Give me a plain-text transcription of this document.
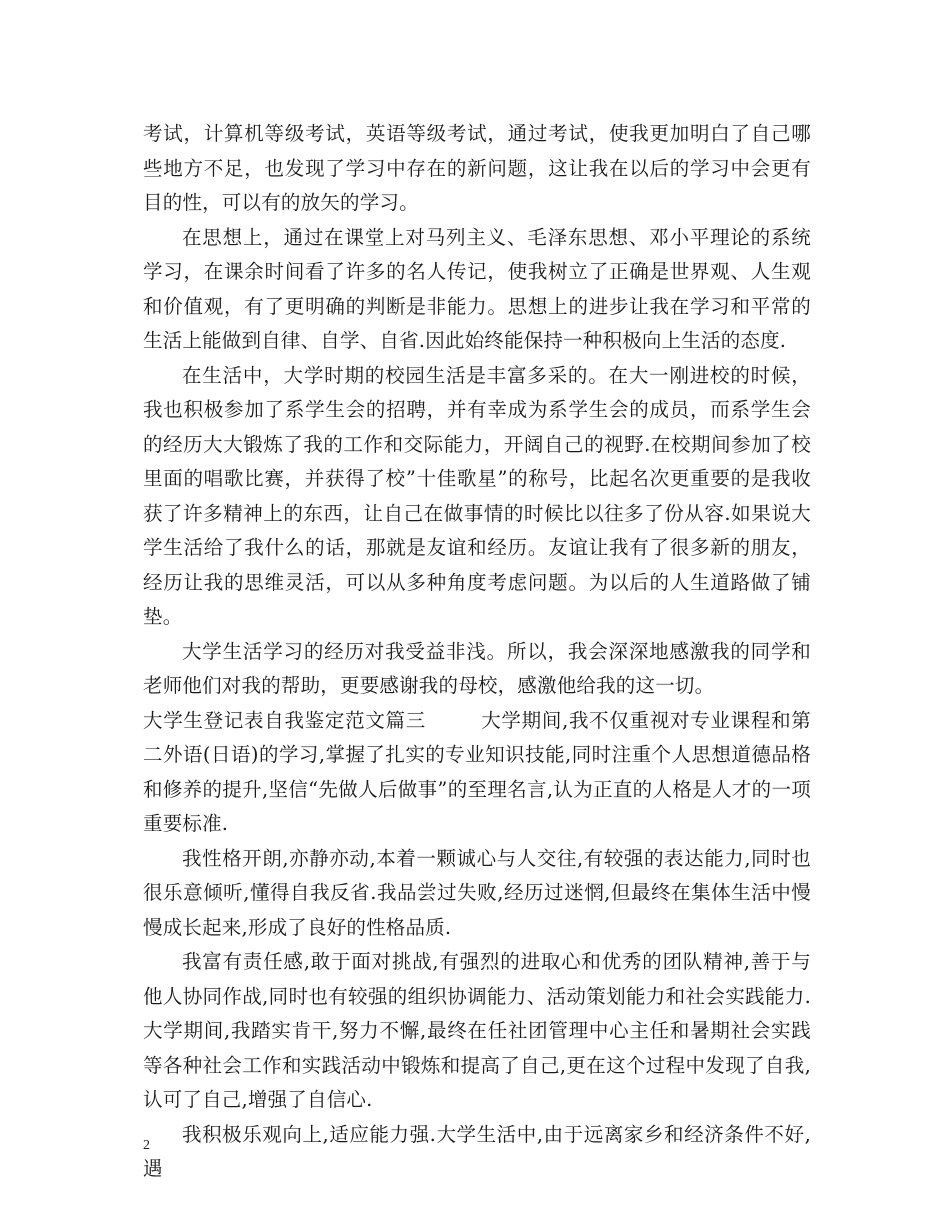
考试，计算机等级考试，英语等级考试，通过考试，使我更加明白了自己哪些地方不足，也发现了学习中存在的新问题，这让我在以后的学习中会更有目的性，可以有的放矢的学习。

在思想上，通过在课堂上对马列主义、毛泽东思想、邓小平理论的系统学习，在课余时间看了许多的名人传记，使我树立了正确是世界观、人生观和价值观，有了更明确的判断是非能力。思想上的进步让我在学习和平常的生活上能做到自律、自学、自省.因此始终能保持一种积极向上生活的态度.

在生活中，大学时期的校园生活是丰富多采的。在大一刚进校的时候，我也积极参加了系学生会的招聘，并有幸成为系学生会的成员，而系学生会的经历大大锻炼了我的工作和交际能力，开阔自己的视野.在校期间参加了校里面的唱歌比赛，并获得了校”十佳歌星”的称号，比起名次更重要的是我收获了许多精神上的东西，让自己在做事情的时候比以往多了份从容.如果说大学生活给了我什么的话，那就是友谊和经历。友谊让我有了很多新的朋友，经历让我的思维灵活，可以从多种角度考虑问题。为以后的人生道路做了铺垫。

大学生活学习的经历对我受益非浅。所以，我会深深地感激我的同学和老师他们对我的帮助，更要感谢我的母校，感激他给我的这一切。

大学生登记表自我鉴定范文篇三        大学期间,我不仅重视对专业课程和第二外语(日语)的学习,掌握了扎实的专业知识技能,同时注重个人思想道德品格和修养的提升,坚信“先做人后做事”的至理名言,认为正直的人格是人才的一项重要标准.

我性格开朗,亦静亦动,本着一颗诚心与人交往,有较强的表达能力,同时也很乐意倾听,懂得自我反省.我品尝过失败,经历过迷惘,但最终在集体生活中慢慢成长起来,形成了良好的性格品质.

我富有责任感,敢于面对挑战,有强烈的进取心和优秀的团队精神,善于与他人协同作战,同时也有较强的组织协调能力、活动策划能力和社会实践能力.大学期间,我踏实肯干,努力不懈,最终在任社团管理中心主任和暑期社会实践等各种社会工作和实践活动中锻炼和提高了自己,更在这个过程中发现了自我,认可了自己,增强了自信心.

我积极乐观向上,适应能力强.大学生活中,由于远离家乡和经济条件不好,遇

2
